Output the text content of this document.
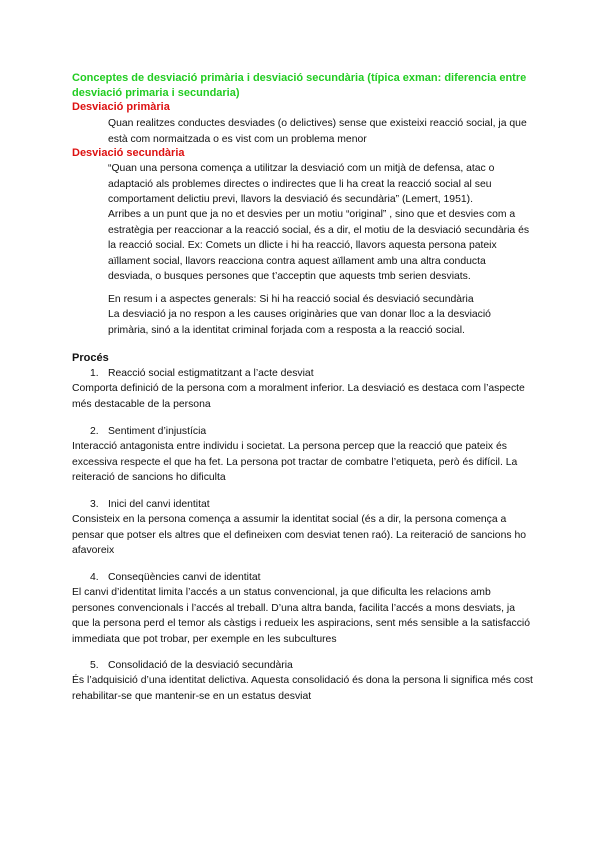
Conceptes de desviació primària i desviació secundària (típica exman: diferencia entre desviació primaria i secundaria)
Desviació primària

Quan realitzes conductes desviades (o delictives) sense que existeixi reacció social, ja que està com normaitzada o es vist com un problema menor

Desviació secundària

“Quan una persona comença a utilitzar la desviació com un mitjà de defensa, atac o adaptació als problemes directes o indirectes que li ha creat la reacció social al seu comportament delictiu previ, llavors la desviació és secundària” (Lemert, 1951).

Arribes a un punt que ja no et desvies per un motiu “original” , sino que et desvies com a estratègia per reaccionar a la reacció social, és a dir, el motiu de la desviació secundària és la reacció social. Ex: Comets un dlicte i hi ha reacció, llavors aquesta persona pateix aïllament social, llavors reacciona contra aquest aïllament amb una altra conducta desviada, o busques persones que t’acceptin que aquests tmb serien desviats.

En resum i a aspectes generals: Si hi ha reacció social és desviació secundària

La desviació ja no respon a les causes originàries que van donar lloc a la desviació primària, sinó a la identitat criminal forjada com a resposta a la reacció social.

Procés
1. Reacció social estigmatitzant a l’acte desviat

Comporta definició de la persona com a moralment inferior. La desviació es destaca com l’aspecte més destacable de la persona

2. Sentiment d’injustícia

Interacció antagonista entre individu i societat. La persona percep que la reacció que pateix és excessiva respecte el que ha fet. La persona pot tractar de combatre l’etiqueta, però és difícil. La reiteració de sancions ho dificulta

3. Inici del canvi identitat

Consisteix en la persona comença a assumir la identitat social (és a dir, la persona comença a pensar que potser els altres que el defineixen com desviat tenen raó). La reiteració de sancions ho afavoreix

4. Conseqüències canvi de identitat

El canvi d’identitat limita l’accés a un status convencional, ja que dificulta les relacions amb persones convencionals i l’accés al treball. D’una altra banda, facilita l’accés a mons desviats, ja que la persona perd el temor als càstigs i redueix les aspiracions, sent més sensible a la satisfacció immediata que pot trobar, per exemple en les subcultures

5. Consolidació de la desviació secundària

És l’adquisició d’una identitat delictiva. Aquesta consolidació és dona la persona li significa més cost rehabilitar-se que mantenir-se en un estatus desviat
